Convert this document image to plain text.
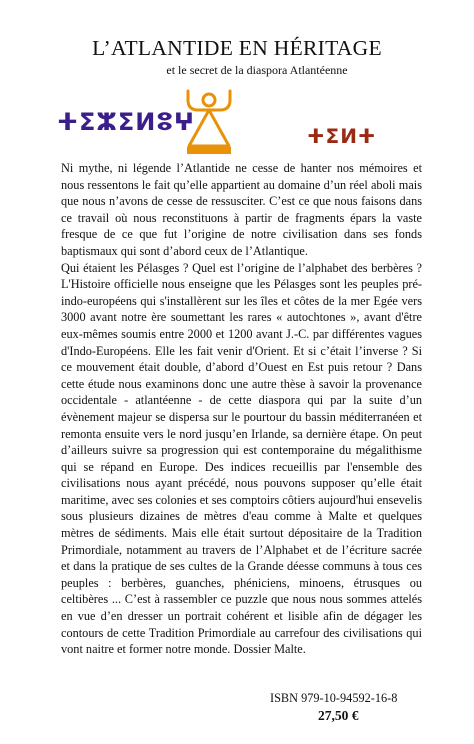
L’ATLANTIDE EN HÉRITAGE
et le secret de la diaspora Atlantéenne
ⵜⵉⵣⵉⵍⵓⵖ	ⵜⵉⵍⵜ

Ni mythe, ni légende l’Atlantide ne cesse de hanter nos mémoires et nous ressentons le fait qu’elle appartient au domaine d’un réel aboli mais que nous n’avons de cesse de ressusciter. C’est ce que nous faisons dans ce travail où nous reconstituons à partir de fragments épars la vaste fresque de ce que fut l’origine de notre civilisation dans ses fonds baptismaux qui sont d’abord ceux de l’Atlantique.

Qui étaient les Pélasges ? Quel est l’origine de l’alphabet des berbères ? L'Histoire officielle nous enseigne que les Pélasges sont les peuples pré-indo-européens qui s'installèrent sur les îles et côtes de la mer Egée vers 3000 avant notre ère soumettant les rares « autochtones », avant d'être eux-mêmes soumis entre 2000 et 1200 avant J.-C. par différentes vagues d'Indo-Européens. Elle les fait venir d'Orient. Et si c’était l’inverse ? Si ce mouvement était double, d’abord d’Ouest en Est puis retour ? Dans cette étude nous examinons donc une autre thèse à savoir la provenance occidentale - atlantéenne - de cette diaspora qui par la suite d’un évènement majeur se dispersa sur le pourtour du bassin méditerranéen et remonta ensuite vers le nord jusqu’en Irlande, sa dernière étape. On peut d’ailleurs suivre sa progression qui est contemporaine du mégalithisme qui se répand en Europe. Des indices recueillis par l'ensemble des civilisations nous ayant précédé, nous pouvons supposer qu’elle était maritime, avec ses colonies et ses comptoirs côtiers aujourd'hui ensevelis sous plusieurs dizaines de mètres d'eau comme à Malte et quelques mètres de sédiments. Mais elle était surtout dépositaire de la Tradition Primordiale, notamment au travers de l’Alphabet et de l’écriture sacrée et dans la pratique de ses cultes de la Grande déesse communs à tous ces peuples : berbères, guanches, phéniciens, minoens, étrusques ou celtibères ... C’est à rassembler ce puzzle que nous nous sommes attelés en vue d’en dresser un portrait cohérent et lisible afin de dégager les contours de cette Tradition Primordiale au carrefour des civilisations qui vont naitre et former notre monde. Dossier Malte.

ISBN 979-10-94592-16-8
27,50 €
